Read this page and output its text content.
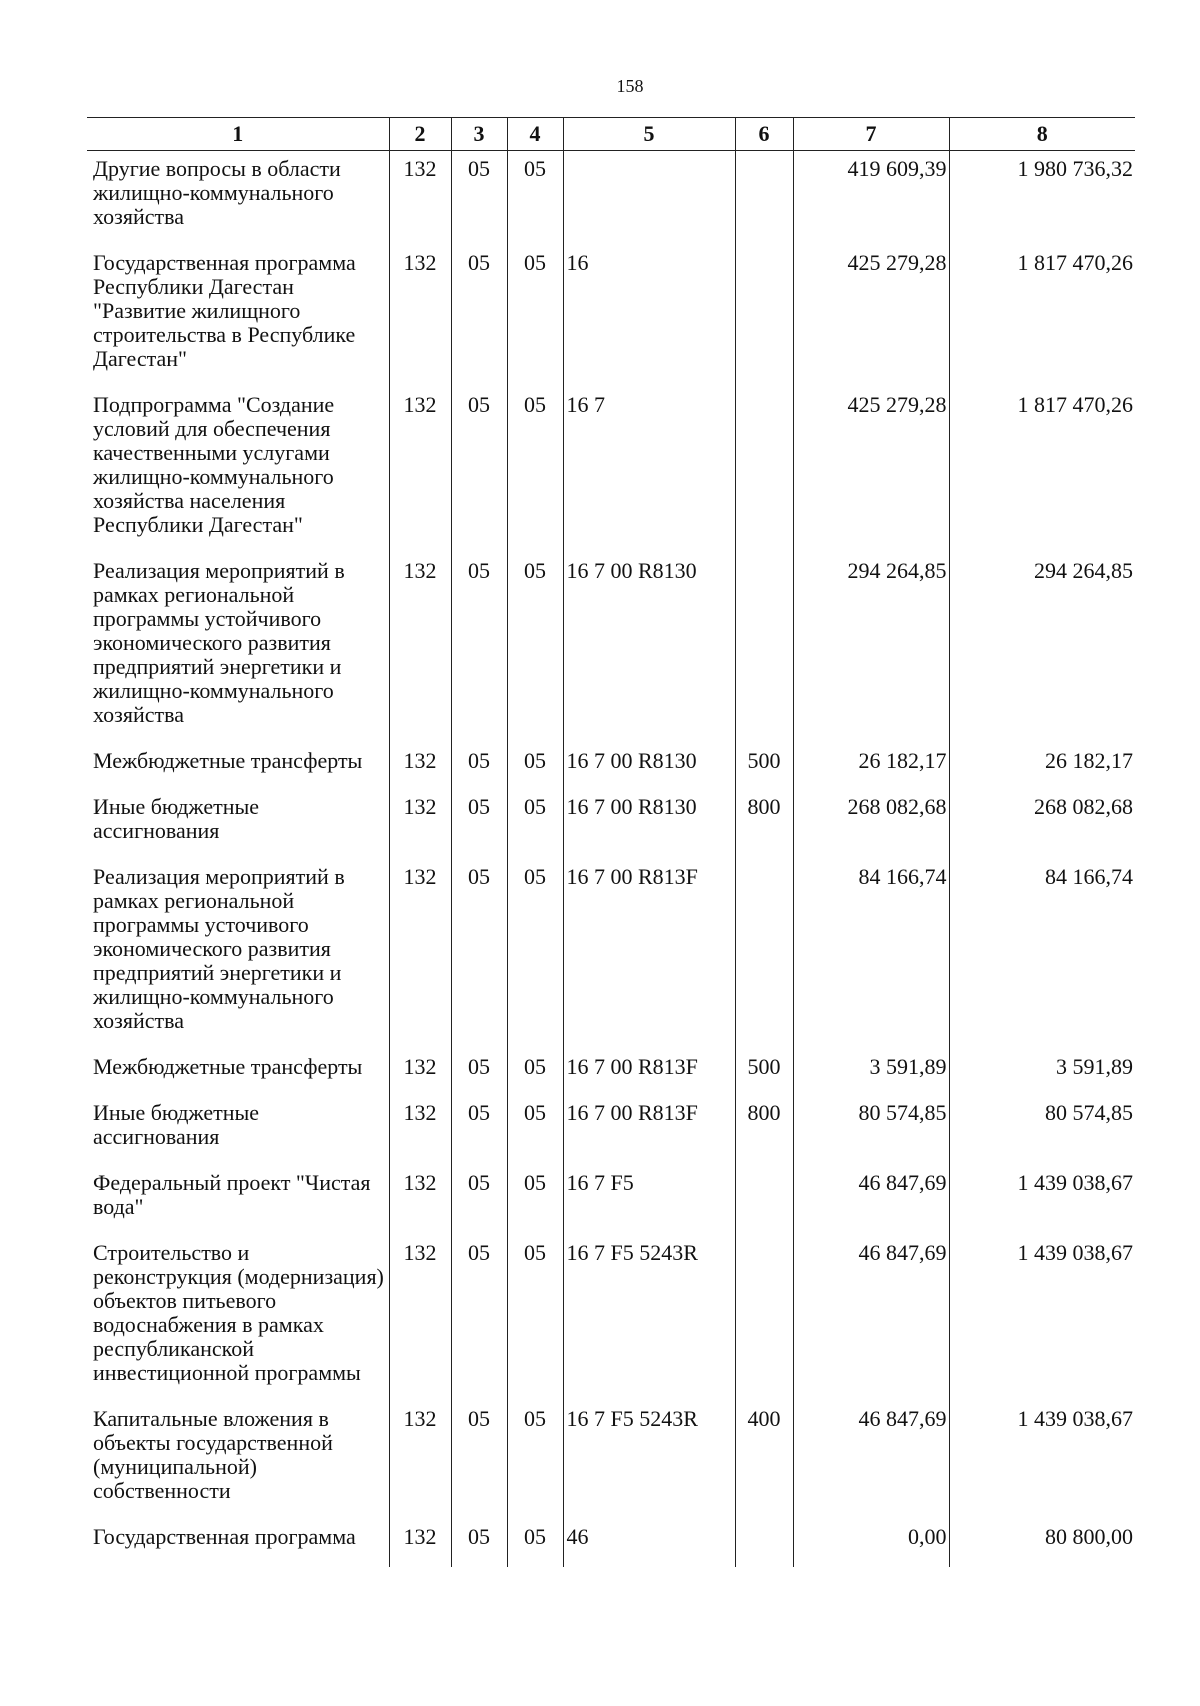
158
1	2	3	4	5	6	7	8
Другие вопросы в области жилищно-коммунального хозяйства	132	05	05			419 609,39	1 980 736,32
Государственная программа Республики Дагестан "Развитие жилищного строительства в Республике Дагестан"	132	05	05	16		425 279,28	1 817 470,26
Подпрограмма "Создание условий для обеспечения качественными услугами жилищно-коммунального хозяйства населения Республики Дагестан"	132	05	05	16 7		425 279,28	1 817 470,26
Реализация мероприятий в рамках региональной программы устойчивого экономического развития предприятий энергетики и жилищно-коммунального хозяйства	132	05	05	16 7 00 R8130		294 264,85	294 264,85
Межбюджетные трансферты	132	05	05	16 7 00 R8130	500	26 182,17	26 182,17
Иные бюджетные ассигнования	132	05	05	16 7 00 R8130	800	268 082,68	268 082,68
Реализация мероприятий в рамках региональной программы усточивого экономического развития предприятий энергетики и жилищно-коммунального хозяйства	132	05	05	16 7 00 R813F		84 166,74	84 166,74
Межбюджетные трансферты	132	05	05	16 7 00 R813F	500	3 591,89	3 591,89
Иные бюджетные ассигнования	132	05	05	16 7 00 R813F	800	80 574,85	80 574,85
Федеральный проект "Чистая вода"	132	05	05	16 7 F5		46 847,69	1 439 038,67
Строительство и реконструкция (модернизация) объектов питьевого водоснабжения в рамках республиканской инвестиционной программы	132	05	05	16 7 F5 5243R		46 847,69	1 439 038,67
Капитальные вложения в объекты государственной (муниципальной) собственности	132	05	05	16 7 F5 5243R	400	46 847,69	1 439 038,67
Государственная программа	132	05	05	46		0,00	80 800,00
